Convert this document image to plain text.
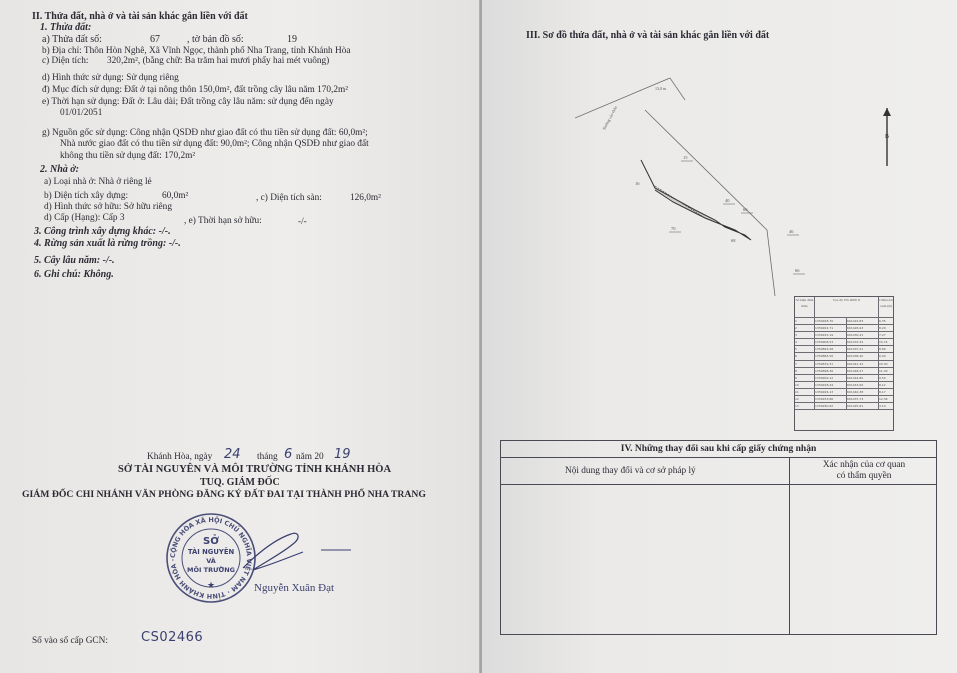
II. Thửa đất, nhà ở và tài sản khác gắn liền với đất
1. Thửa đất:
a) Thửa đất số:	67	, tờ bản đồ số:	19
b) Địa chỉ: Thôn Hòn Nghê, Xã Vĩnh Ngọc, thành phố Nha Trang, tỉnh Khánh Hòa
c) Diện tích: 320,2m², (bằng chữ: Ba trăm hai mươi phẩy hai mét vuông)
d) Hình thức sử dụng: Sử dụng riêng
đ) Mục đích sử dụng: Đất ở tại nông thôn 150,0m², đất trồng cây lâu năm 170,2m²
e) Thời hạn sử dụng: Đất ở: Lâu dài; Đất trồng cây lâu năm: sử dụng đến ngày
01/01/2051
g) Nguồn gốc sử dụng: Công nhận QSDĐ như giao đất có thu tiền sử dụng đất: 60,0m²;
Nhà nước giao đất có thu tiền sử dụng đất: 90,0m²; Công nhận QSDĐ như giao đất
không thu tiền sử dụng đất: 170,2m²
2. Nhà ở:
a) Loại nhà ở: Nhà ở riêng lẻ
b) Diện tích xây dựng:	60,0m²	, c) Diện tích sàn:	126,0m²
d) Hình thức sở hữu: Sở hữu riêng
d) Cấp (Hạng): Cấp 3	, e) Thời hạn sở hữu:	-/-
3. Công trình xây dựng khác: -/-.
4. Rừng sản xuất là rừng trồng: -/-.
5. Cây lâu năm: -/-.
6. Ghi chú: Không.
Khánh Hòa, ngày 24 tháng 6 năm 20 19
SỞ TÀI NGUYÊN VÀ MÔI TRƯỜNG TỈNH KHÁNH HÒA
TUQ. GIÁM ĐỐC
GIÁM ĐỐC CHI NHÁNH VĂN PHÒNG ĐĂNG KÝ ĐẤT ĐAI TẠI THÀNH PHỐ NHA TRANG
CỘNG HÒA XÃ HỘI CHỦ NGHĨA VIỆT NAM · TỈNH KHÁNH HÒA ·
SỞ
TÀI NGUYÊN
VÀ
MÔI TRƯỜNG
★	Nguyễn Xuân Đạt
Số vào sổ cấp GCN:	CS02466
III. Sơ đồ thửa đất, nhà ở và tài sản khác gắn liền với đất
13,0 m
Đường vào thôn
15
16
40
66
70
46
66
68
B
Số hiệu đỉnh thửa
Tọa độ VN-2000 X	Chiều dài cạnh (m)
1	1359928,70	601424,83	6,35
2	1359922,71	601426,93	8,29
3	1359915,19	601430,41	7,27
4	1359908,53	601433,32	15,74
5	1359893,28	601437,21	8,80
6	1359884,56	601438,40	6,00
7	1359879,31	601441,32	20,30
8	1359898,36	601448,27	11,30
9	1359909,12	601444,80	9,50
10	1359918,44	601443,00	8,12
11	1359926,13	601440,38	8,17
12	1359933,86	601437,73	12,36
13	1359930,62	601425,81	3,10
IV. Những thay đổi sau khi cấp giấy chứng nhận
Nội dung thay đổi và cơ sở pháp lý
Xác nhận của cơ quan
có thẩm quyền
